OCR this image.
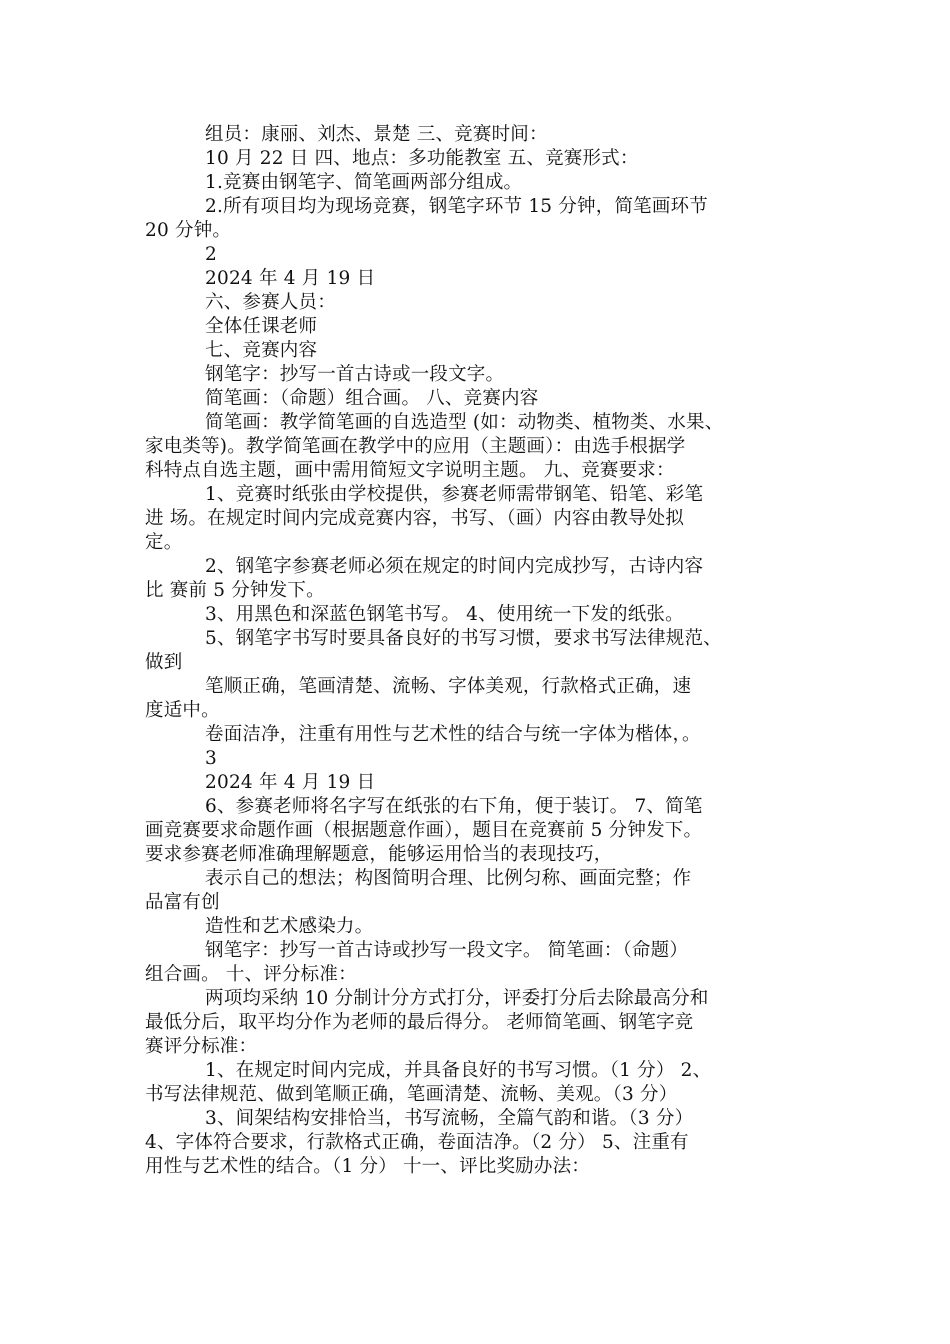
组员：康丽、刘杰、景楚 三、竞赛时间：
10 月 22 日 四、地点：多功能教室 五、竞赛形式：
1.竞赛由钢笔字、简笔画两部分组成。
2.所有项目均为现场竞赛，钢笔字环节 15 分钟，简笔画环节
20 分钟。
2
2024 年 4 月 19 日
六、参赛人员：
全体任课老师
七、竞赛内容
钢笔字：抄写一首古诗或一段文字。
简笔画：（命题）组合画。 八、竞赛内容
简笔画：教学简笔画的自选造型 (如：动物类、植物类、水果、
家电类等)。教学简笔画在教学中的应用（主题画）：由选手根据学
科特点自选主题，画中需用简短文字说明主题。 九、竞赛要求：
1、竞赛时纸张由学校提供，参赛老师需带钢笔、铅笔、彩笔
进 场。在规定时间内完成竞赛内容，书写、（画）内容由教导处拟
定。
2、钢笔字参赛老师必须在规定的时间内完成抄写，古诗内容
比 赛前 5 分钟发下。
3、用黑色和深蓝色钢笔书写。 4、使用统一下发的纸张。
5、钢笔字书写时要具备良好的书写习惯，要求书写法律规范、
做到
笔顺正确，笔画清楚、流畅、字体美观，行款格式正确，速
度适中。
卷面洁净，注重有用性与艺术性的结合与统一字体为楷体，。
3
2024 年 4 月 19 日
6、参赛老师将名字写在纸张的右下角，便于装订。 7、简笔
画竞赛要求命题作画（根据题意作画），题目在竞赛前 5 分钟发下。
要求参赛老师准确理解题意，能够运用恰当的表现技巧，
表示自己的想法；构图简明合理、比例匀称、画面完整；作
品富有创
造性和艺术感染力。
钢笔字：抄写一首古诗或抄写一段文字。 简笔画：（命题）
组合画。 十、评分标准：
两项均采纳 10 分制计分方式打分，评委打分后去除最高分和
最低分后，取平均分作为老师的最后得分。 老师简笔画、钢笔字竞
赛评分标准：
1、在规定时间内完成，并具备良好的书写习惯。（1 分） 2、
书写法律规范、做到笔顺正确，笔画清楚、流畅、美观。（3 分）
3、间架结构安排恰当，书写流畅，全篇气韵和谐。（3 分）
4、字体符合要求，行款格式正确，卷面洁净。（2 分） 5、注重有
用性与艺术性的结合。（1 分） 十一、评比奖励办法：
